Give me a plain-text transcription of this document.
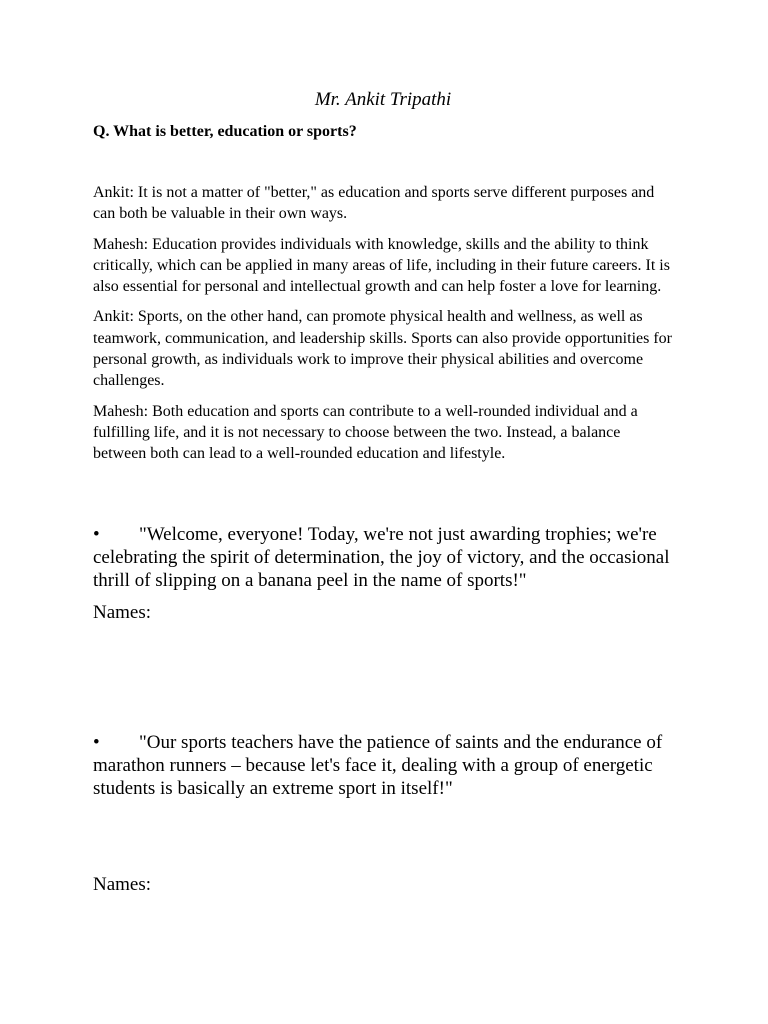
Mr. Ankit Tripathi
Q. What is better, education or sports?

Ankit: It is not a matter of "better," as education and sports serve different purposes and can both be valuable in their own ways.

Mahesh: Education provides individuals with knowledge, skills and the ability to think critically, which can be applied in many areas of life, including in their future careers. It is also essential for personal and intellectual growth and can help foster a love for learning.

Ankit: Sports, on the other hand, can promote physical health and wellness, as well as teamwork, communication, and leadership skills. Sports can also provide opportunities for personal growth, as individuals work to improve their physical abilities and overcome challenges.

Mahesh: Both education and sports can contribute to a well-rounded individual and a fulfilling life, and it is not necessary to choose between the two. Instead, a balance between both can lead to a well-rounded education and lifestyle.

• "Welcome, everyone! Today, we're not just awarding trophies; we're celebrating the spirit of determination, the joy of victory, and the occasional thrill of slipping on a banana peel in the name of sports!"
Names:
• "Our sports teachers have the patience of saints and the endurance of marathon runners – because let's face it, dealing with a group of energetic students is basically an extreme sport in itself!"
Names:
